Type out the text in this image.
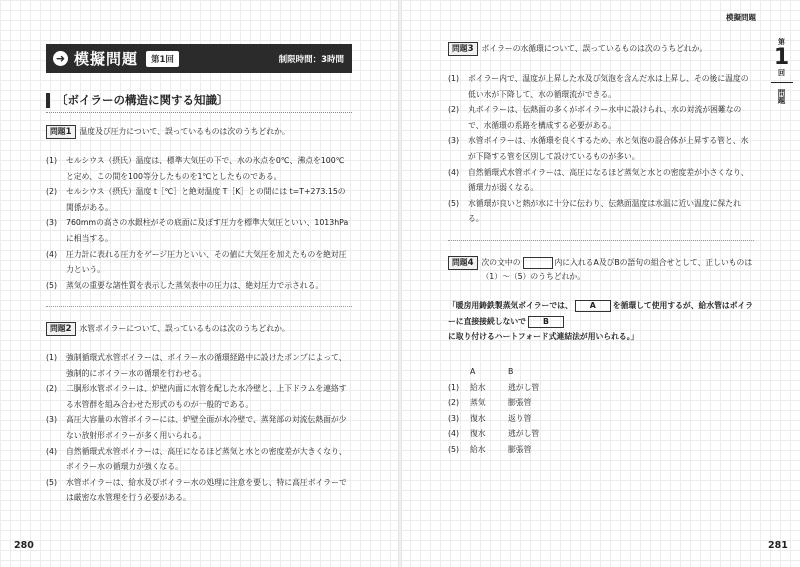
➜ 模擬問題	第1回	制限時間：3時間
〔ボイラーの構造に関する知識〕
問題1	温度及び圧力について、誤っているものは次のうちどれか。
(1)	セルシウス（摂氏）温度は、標準大気圧の下で、水の氷点を0℃、沸点を100℃と定め、この間を100等分したものを1℃としたものである。
(2)	セルシウス（摂氏）温度 t［℃］と絶対温度 T［K］との間には t=T+273.15の関係がある。
(3)	760mmの高さの水銀柱がその底面に及ぼす圧力を標準大気圧といい、1013hPaに相当する。
(4)	圧力計に表れる圧力をゲージ圧力といい、その値に大気圧を加えたものを絶対圧力という。
(5)	蒸気の重要な諸性質を表示した蒸気表中の圧力は、絶対圧力で示される。
問題2	水管ボイラーについて、誤っているものは次のうちどれか。
(1)	強制循環式水管ボイラーは、ボイラー水の循環経路中に設けたポンプによって、強制的にボイラー水の循環を行わせる。
(2)	二胴形水管ボイラーは、炉壁内面に水管を配した水冷壁と、上下ドラムを連絡する水管群を組み合わせた形式のものが一般的である。
(3)	高圧大容量の水管ボイラーには、炉壁全面が水冷壁で、蒸発部の対流伝熱面が少ない放射形ボイラーが多く用いられる。
(4)	自然循環式水管ボイラーは、高圧になるほど蒸気と水との密度差が大きくなり、ボイラー水の循環力が強くなる。
(5)	水管ボイラーは、給水及びボイラー水の処理に注意を要し、特に高圧ボイラーでは厳密な水管理を行う必要がある。
280
模擬問題
第
1
回
問題
問題3	ボイラーの水循環について、誤っているものは次のうちどれか。
(1)	ボイラー内で、温度が上昇した水及び気泡を含んだ水は上昇し、その後に温度の低い水が下降して、水の循環流ができる。
(2)	丸ボイラーは、伝熱面の多くがボイラー水中に設けられ、水の対流が困難なので、水循環の系路を構成する必要がある。
(3)	水管ボイラーは、水循環を良くするため、水と気泡の混合体が上昇する管と、水が下降する管を区別して設けているものが多い。
(4)	自然循環式水管ボイラーは、高圧になるほど蒸気と水との密度差が小さくなり、循環力が弱くなる。
(5)	水循環が良いと熱が水に十分に伝わり、伝熱面温度は水温に近い温度に保たれる。
問題4	次の文中の	内に入れるA及びBの語句の組合せとして、正しいものは（1）～（5）のうちどれか。
「暖房用鋳鉄製蒸気ボイラーでは、 A を循環して使用するが、給水管はボイラーに直接接続しないで Bに取り付けるハートフォード式連結法が用いられる。」
	A	B
(1)	給水	逃がし管
(2)	蒸気	膨張管
(3)	復水	返り管
(4)	復水	逃がし管
(5)	給水	膨張管
281
